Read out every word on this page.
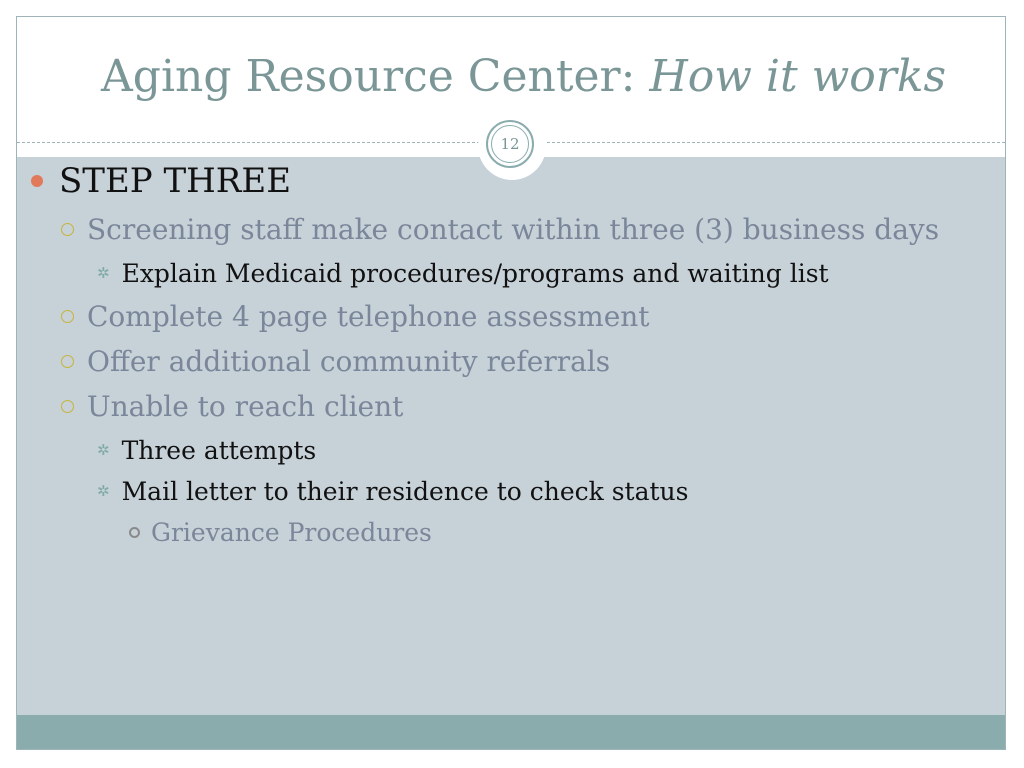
STEP THREE
Screening staff make contact within three (3) business days
✲ Explain Medicaid procedures/programs and waiting list
Complete 4 page telephone assessment
Offer additional community referrals
Unable to reach client
✲ Three attempts
✲ Mail letter to their residence to check status
Grievance Procedures
Aging Resource Center: How it works
12
